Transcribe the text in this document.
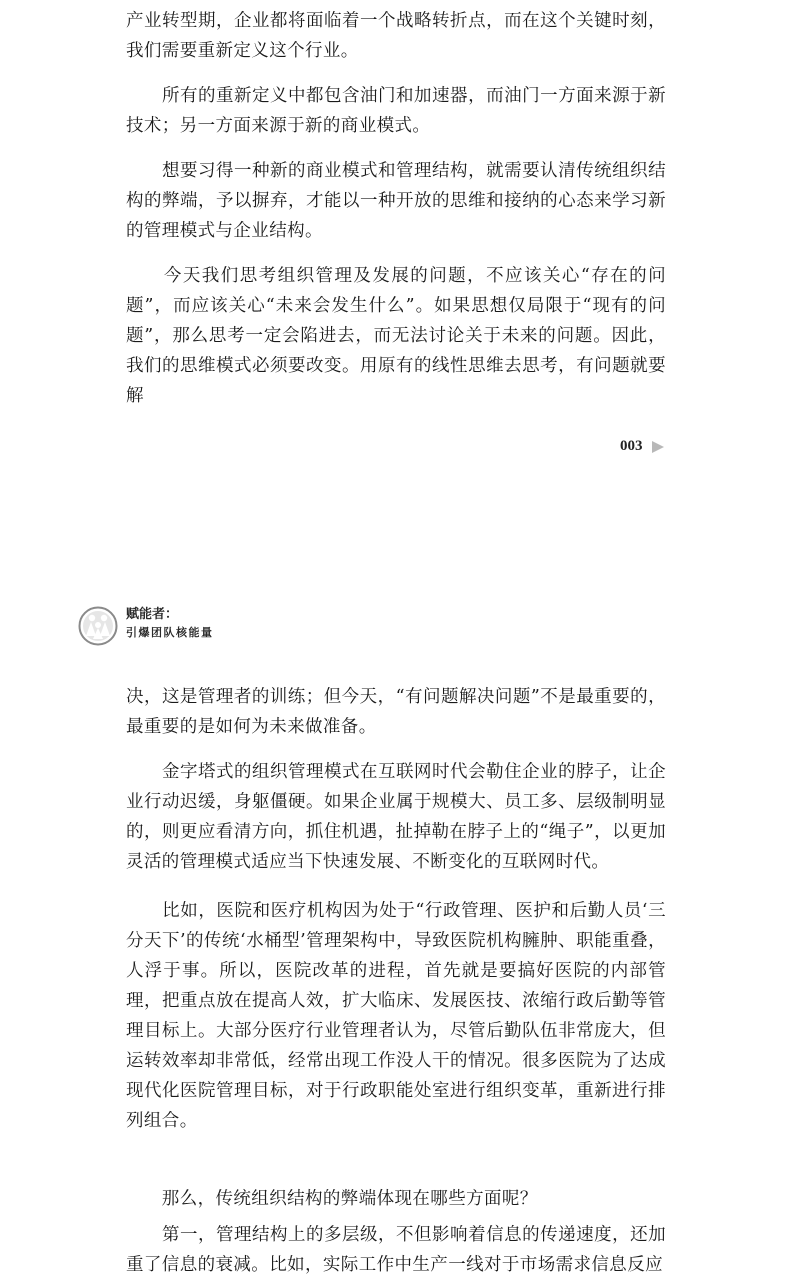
产业转型期，企业都将面临着一个战略转折点，而在这个关键时刻，我们需要重新定义这个行业。

　　所有的重新定义中都包含油门和加速器，而油门一方面来源于新技术；另一方面来源于新的商业模式。

　　想要习得一种新的商业模式和管理结构，就需要认清传统组织结构的弊端，予以摒弃，才能以一种开放的思维和接纳的心态来学习新的管理模式与企业结构。

　　今天我们思考组织管理及发展的问题，不应该关心“存在的问题”，而应该关心“未来会发生什么”。如果思想仅局限于“现有的问题”，那么思考一定会陷进去，而无法讨论关于未来的问题。因此，我们的思维模式必须要改变。用原有的线性思维去思考，有问题就要解

003
赋能者：
引爆团队核能量

决，这是管理者的训练；但今天，“有问题解决问题”不是最重要的，最重要的是如何为未来做准备。

　　金字塔式的组织管理模式在互联网时代会勒住企业的脖子，让企业行动迟缓，身躯僵硬。如果企业属于规模大、员工多、层级制明显的，则更应看清方向，抓住机遇，扯掉勒在脖子上的“绳子”，以更加灵活的管理模式适应当下快速发展、不断变化的互联网时代。

　　比如，医院和医疗机构因为处于“行政管理、医护和后勤人员‘三分天下’的传统‘水桶型’管理架构中，导致医院机构臃肿、职能重叠，人浮于事。所以，医院改革的进程，首先就是要搞好医院的内部管理，把重点放在提高人效，扩大临床、发展医技、浓缩行政后勤等管理目标上。大部分医疗行业管理者认为，尽管后勤队伍非常庞大，但运转效率却非常低，经常出现工作没人干的情况。很多医院为了达成现代化医院管理目标，对于行政职能处室进行组织变革，重新进行排列组合。

　　那么，传统组织结构的弊端体现在哪些方面呢？

　　第一，管理结构上的多层级，不但影响着信息的传递速度，还加重了信息的衰减。比如，实际工作中生产一线对于市场需求信息反应
